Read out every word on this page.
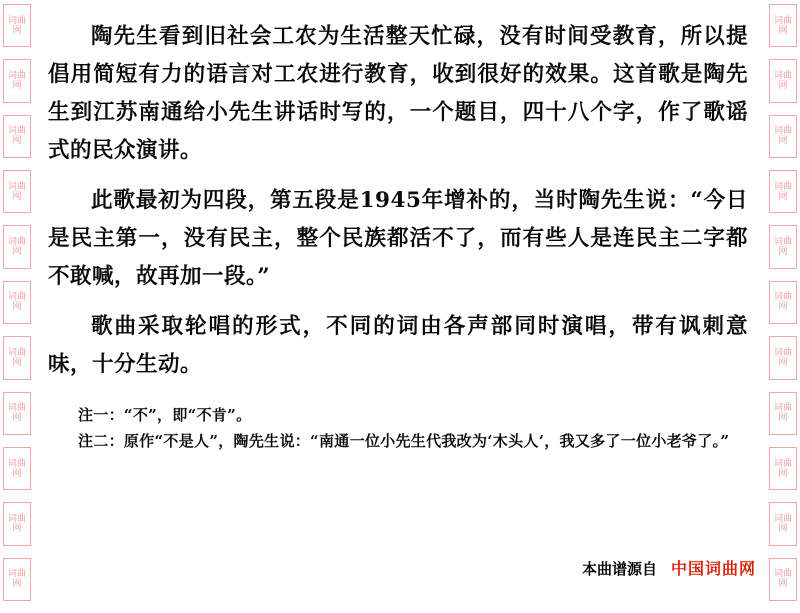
词曲
网
词曲
网
词曲
网
词曲
网
词曲
网
词曲
网
词曲
网
词曲
网
词曲
网
词曲
网
词曲
网
词曲
网
词曲
网
词曲
网
词曲
网
词曲
网
词曲
网
词曲
网
词曲
网
词曲
网
词曲
网
词曲
网

陶先生看到旧社会工农为生活整天忙碌，没有时间受教育，所以提倡用简短有力的语言对工农进行教育，收到很好的效果。这首歌是陶先生到江苏南通给小先生讲话时写的，一个题目，四十八个字，作了歌谣式的民众演讲。

此歌最初为四段，第五段是1945年增补的，当时陶先生说：“今日是民主第一，没有民主，整个民族都活不了，而有些人是连民主二字都不敢喊，故再加一段。”

歌曲采取轮唱的形式，不同的词由各声部同时演唱，带有讽刺意味，十分生动。

注一：“不”，即“不肯”。

注二：原作“不是人”，陶先生说：“南通一位小先生代我改为‘木头人’，我又多了一位小老爷了。”

本曲谱源自 中国词曲网
